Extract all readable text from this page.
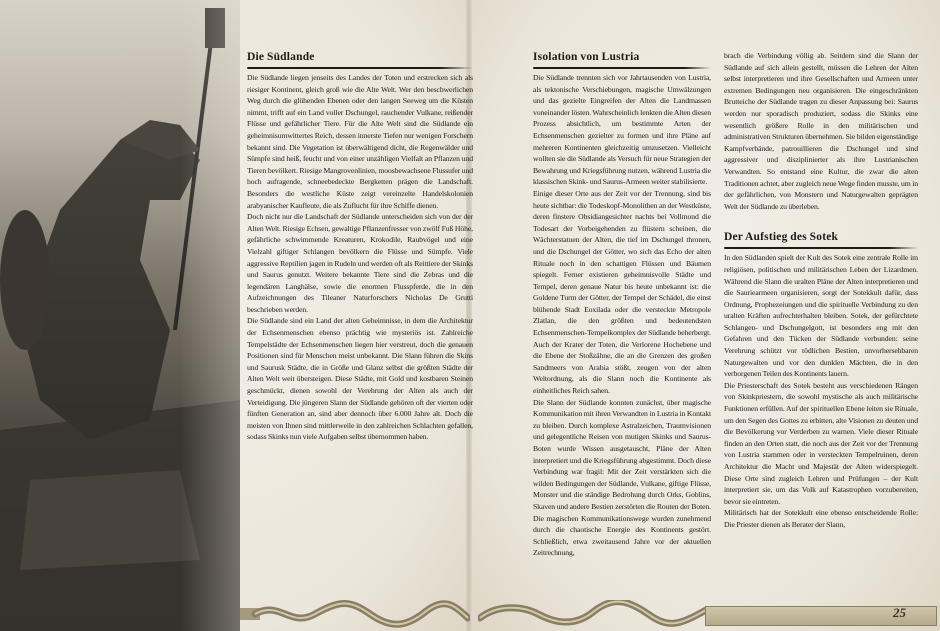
Die Südlande

Die Südlande liegen jenseits des Landes der Toten und erstrecken sich als riesiger Kontinent, gleich groß wie die Alte Welt. Wer den beschwerlichen Weg durch die glühenden Ebenen oder den langen Seeweg um die Küsten nimmt, trifft auf ein Land voller Dschungel, rauchender Vulkane, reißender Flüsse und gefährlicher Tiere. Für die Alte Welt sind die Südlande ein geheimnisumwittertes Reich, dessen innerste Tiefen nur wenigen Forschern bekannt sind. Die Vegetation ist überwältigend dicht, die Regenwälder und Sümpfe sind heiß, feucht und von einer unzähligen Vielfalt an Pflanzen und Tieren bevölkert. Riesige Mangrovenlinien, moosbewachsene Flussufer und hoch aufragende, schneebedeckte Bergketten prägen die Landschaft. Besonders die westliche Küste zeigt vereinzelte Handelskolonien arabyanischer Kaufleute, die als Zuflucht für ihre Schiffe dienen.

Doch nicht nur die Landschaft der Südlande unterscheiden sich von der der Alten Welt. Riesige Echsen, gewaltige Pflanzenfresser von zwölf Fuß Höhe, gefährliche schwimmende Kreaturen, Krokodile, Raubvögel und eine Vielzahl giftiger Schlangen bevölkern die Flüsse und Sümpfe. Viele aggressive Reptilien jagen in Rudeln und werden oft als Reittiere der Skinks und Saurus genutzt. Weitere bekannte Tiere sind die Zebras und die legendären Langhälse, sowie die enormen Flusspferde, die in den Aufzeichnungen des Tileaner Naturforschers Nicholas De Grutti beschrieben werden.

Die Südlande sind ein Land der alten Geheimnisse, in dem die Architektur der Echsenmenschen ebenso prächtig wie mysteriös ist. Zahlreiche Tempelstädte der Echsenmenschen liegen hier verstreut, doch die genauen Positionen sind für Menschen meist unbekannt. Die Slann führen die Skins und Saurusk Städte, die in Größe und Glanz selbst die größten Städte der Alten Welt weit übersteigen. Diese Städte, mit Gold und kostbaren Steinen geschmückt, dienen sowohl der Verehrung der Alten als auch der Verteidigung. Die jüngeren Slann der Südlande gehören oft der vierten oder fünften Generation an, sind aber dennoch über 6.000 Jahre alt. Doch die meisten von Ihnen sind mittlerweile in den zahlreichen Schlachten gefallen, sodass Skinks nun viele Aufgaben selbst übernommen haben.

Isolation von Lustria

Die Südlande trennten sich vor Jahrtausenden von Lustria, als tektonische Verschiebungen, magische Umwälzungen und das gezielte Eingreifen der Alten die Landmassen voneinander lösten. Wahrscheinlich lenkten die Alten diesen Prozess absichtlich, um bestimmte Arten der Echsenmenschen gezielter zu formen und ihre Pläne auf mehreren Kontinenten gleichzeitig umzusetzen. Vielleicht wollten sie die Südlande als Versuch für neue Strategien der Bewahrung und Kriegsführung nutzen, während Lustria die klassischen Skink- und Saurus-Armeen weiter stabilisierte.

Einige dieser Orte aus der Zeit vor der Trennung, sind bis heute sichtbar: die Todeskopf-Monolithen an der Westküste, deren finstere Obsidiangesichter nachts bei Vollmond die Todesart der Vorbeigehenden zu flüstern scheinen, die Wächterstatuen der Alten, die tief im Dschungel thronen, und die Dschungel der Götter, wo sich das Echo der alten Rituale noch in den schattigen Flüssen und Bäumen spiegelt. Ferner existieren geheimnisvolle Städte und Tempel, deren genaue Natur bis heute unbekannt ist: die Goldene Turm der Götter, der Tempel der Schädel, die einst blühende Stadt Eoxilada oder die versteckte Metropole Zlatlan, die den größten und bedeutendsten Echsenmenschen-Tempelkomplex der Südlande beherbergt. Auch der Krater der Toten, die Verlorene Hochebene und die Ebene der Stoßzähne, die an die Grenzen des großen Sandmeers von Arabia stößt, zeugen von der alten Weltordnung, als die Slann noch die Kontinente als einheitliches Reich sahen.

Die Slann der Südlande konnten zunächst, über magische Kommunikation mit ihren Verwandten in Lustria in Kontakt zu bleiben. Durch komplexe Astralzeichen, Traumvisionen und gelegentliche Reisen von mutigen Skinks und Saurus-Boten wurde Wissen ausgetauscht, Pläne der Alten interpretiert und die Kriegsführung abgestimmt. Doch diese Verbindung war fragil: Mit der Zeit verstärkten sich die wilden Bedingungen der Südlande, Vulkane, giftige Flüsse, Monster und die ständige Bedrohung durch Orks, Goblins, Skaven und andere Bestien zerstörten die Routen der Boten. Die magischen Kommunikationswege wurden zunehmend durch die chaotische Energie des Kontinents gestört. Schließlich, etwa zweitausend Jahre vor der aktuellen Zeitrechnung,

brach die Verbindung völlig ab. Seitdem sind die Slann der Südlande auf sich allein gestellt, müssen die Lehren der Alten selbst interpretieren und ihre Gesellschaften und Armeen unter extremen Bedingungen neu organisieren. Die eingeschränkten Brutteiche der Südlande tragen zu dieser Anpassung bei: Saurus werden nur sporadisch produziert, sodass die Skinks eine wesentlich größere Rolle in den militärischen und administrativen Strukturen übernehmen. Sie bilden eigenständige Kampfverbände, patrouillieren die Dschungel und sind aggressiver und disziplinierter als ihre Lustrianischen Verwandten. So entstand eine Kultur, die zwar die alten Traditionen achtet, aber zugleich neue Wege finden musste, um in der gefährlichen, von Monstern und Naturgewalten geprägten Welt der Südlande zu überleben.

Der Aufstieg des Sotek

In den Südlanden spielt der Kult des Sotek eine zentrale Rolle im religiösen, politischen und militärischen Leben der Lizardmen. Während die Slann die uralten Pläne der Alten interpretieren und die Sauriearmeen organisieren, sorgt der Sotekkult dafür, dass Ordnung, Prophezeiungen und die spirituelle Verbindung zu den uralten Kräften aufrechterhalten bleiben. Sotek, der gefürchtete Schlangen- und Dschungelgott, ist besonders eng mit den Gefahren und den Tücken der Südlande verbunden: seine Verehrung schützt vor tödlichen Bestien, unvorhersehbaren Naturgewalten und vor den dunklen Mächten, die in den verborgenen Teilen des Kontinents lauern.

Die Priesterschaft des Sotek besteht aus verschiedenen Rängen von Skinkpriestern, die sowohl mystische als auch militärische Funktionen erfüllen. Auf der spirituellen Ebene leiten sie Rituale, um den Segen des Gottes zu erbitten, alte Visionen zu deuten und die Bevölkerung vor Verderben zu warnen. Viele dieser Rituale finden an den Orten statt, die noch aus der Zeit vor der Trennung von Lustria stammen oder in versteckten Tempelruinen, deren Architektur die Macht und Majestät der Alten widerspiegelt. Diese Orte sind zugleich Lehren und Prüfungen – der Kult interpretiert sie, um das Volk auf Katastrophen vorzubereiten, bevor sie eintreten.

Militärisch hat der Sotekkult eine ebenso entscheidende Rolle: Die Priester dienen als Berater der Slann,

25
